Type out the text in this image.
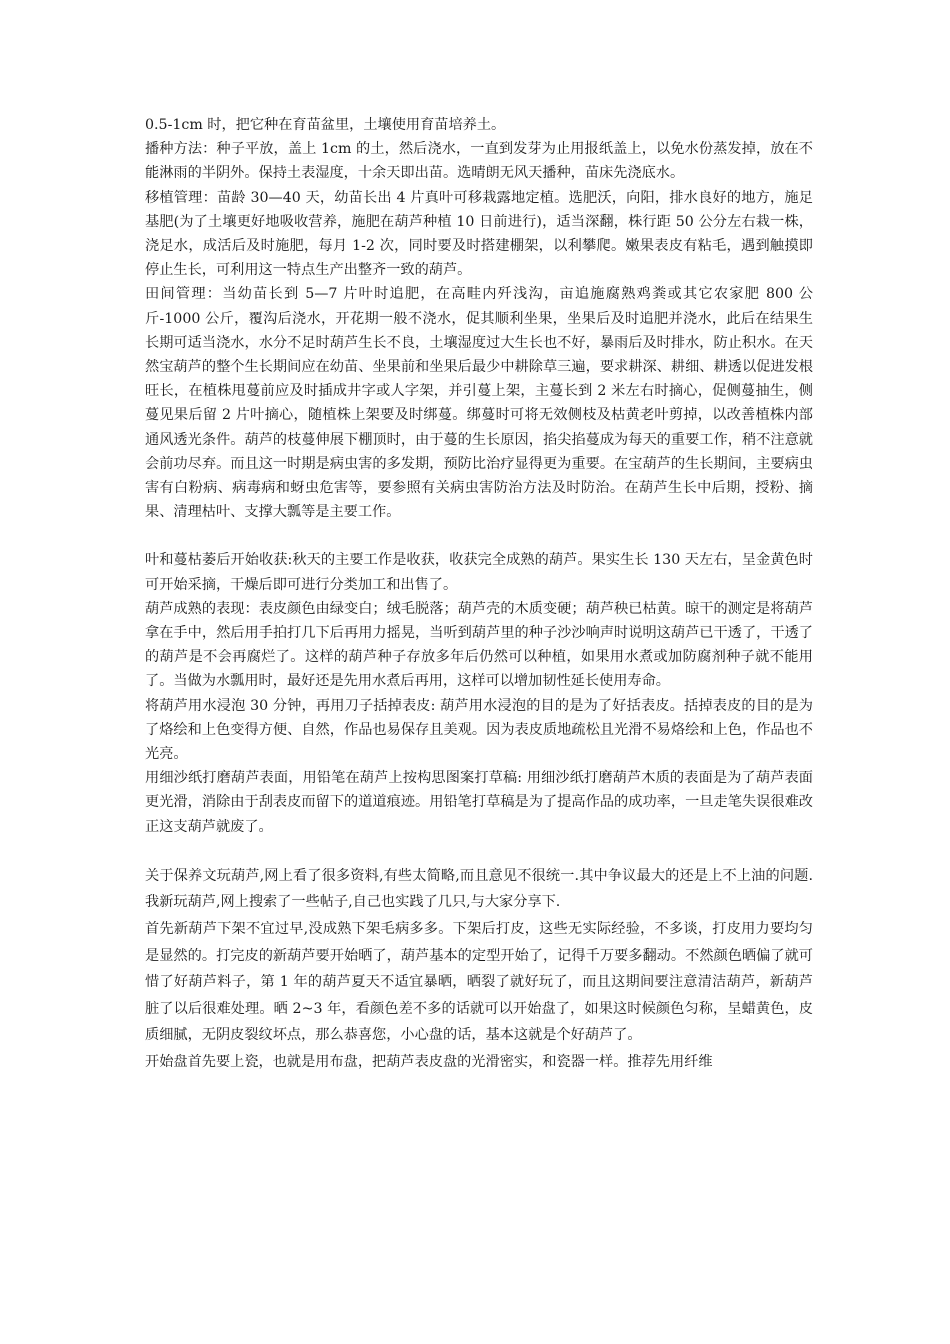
0.5-1cm 时，把它种在育苗盆里，土壤使用育苗培养土。

播种方法：种子平放，盖上 1cm 的土，然后浇水，一直到发芽为止用报纸盖上，以免水份蒸发掉，放在不能淋雨的半阴外。保持土表湿度，十余天即出苗。选晴朗无风天播种，苗床先浇底水。

移植管理：苗龄 30—40 天，幼苗长出 4 片真叶可移栽露地定植。选肥沃，向阳，排水良好的地方，施足基肥(为了土壤更好地吸收营养，施肥在葫芦种植 10 日前进行)，适当深翻，株行距 50 公分左右栽一株，浇足水，成活后及时施肥，每月 1-2 次，同时要及时搭建棚架，以利攀爬。嫩果表皮有粘毛，遇到触摸即停止生长，可利用这一特点生产出整齐一致的葫芦。

田间管理：当幼苗长到 5—7 片叶时追肥，在高畦内歼浅沟，亩追施腐熟鸡粪或其它农家肥 800 公斤-1000 公斤，覆沟后浇水，开花期一般不浇水，促其顺利坐果，坐果后及时追肥并浇水，此后在结果生长期可适当浇水，水分不足时葫芦生长不良，土壤湿度过大生长也不好，暴雨后及时排水，防止积水。在天然宝葫芦的整个生长期间应在幼苗、坐果前和坐果后最少中耕除草三遍，要求耕深、耕细、耕透以促进发根旺长，在植株甩蔓前应及时插成井字或人字架，并引蔓上架，主蔓长到 2 米左右时摘心，促侧蔓抽生，侧蔓见果后留 2 片叶摘心，随植株上架要及时绑蔓。绑蔓时可将无效侧枝及枯黄老叶剪掉，以改善植株内部通风透光条件。葫芦的枝蔓伸展下棚顶时，由于蔓的生长原因，掐尖掐蔓成为每天的重要工作，稍不注意就会前功尽弃。而且这一时期是病虫害的多发期，预防比治疗显得更为重要。在宝葫芦的生长期间，主要病虫害有白粉病、病毒病和蚜虫危害等，要参照有关病虫害防治方法及时防治。在葫芦生长中后期，授粉、摘果、清理枯叶、支撑大瓢等是主要工作。

叶和蔓枯萎后开始收获:秋天的主要工作是收获，收获完全成熟的葫芦。果实生长 130 天左右，呈金黄色时可开始采摘，干燥后即可进行分类加工和出售了。

葫芦成熟的表现：表皮颜色由绿变白；绒毛脱落；葫芦壳的木质变硬；葫芦秧已枯黄。晾干的测定是将葫芦拿在手中，然后用手拍打几下后再用力摇晃，当听到葫芦里的种子沙沙响声时说明这葫芦已干透了，干透了的葫芦是不会再腐烂了。这样的葫芦种子存放多年后仍然可以种植，如果用水煮或加防腐剂种子就不能用了。当做为水瓢用时，最好还是先用水煮后再用，这样可以增加韧性延长使用寿命。

将葫芦用水浸泡 30 分钟，再用刀子括掉表皮: 葫芦用水浸泡的目的是为了好括表皮。括掉表皮的目的是为了烙绘和上色变得方便、自然，作品也易保存且美观。因为表皮质地疏松且光滑不易烙绘和上色，作品也不光亮。

用细沙纸打磨葫芦表面，用铅笔在葫芦上按构思图案打草稿: 用细沙纸打磨葫芦木质的表面是为了葫芦表面更光滑，消除由于刮表皮而留下的道道痕迹。用铅笔打草稿是为了提高作品的成功率，一旦走笔失误很难改正这支葫芦就废了。

关于保养文玩葫芦,网上看了很多资料,有些太简略,而且意见不很统一.其中争议最大的还是上不上油的问题.我新玩葫芦,网上搜索了一些帖子,自己也实践了几只,与大家分享下.

首先新葫芦下架不宜过早,没成熟下架毛病多多。下架后打皮，这些无实际经验，不多谈，打皮用力要均匀是显然的。打完皮的新葫芦要开始晒了，葫芦基本的定型开始了，记得千万要多翻动。不然颜色晒偏了就可惜了好葫芦料子，第 1 年的葫芦夏天不适宜暴晒，晒裂了就好玩了，而且这期间要注意清洁葫芦，新葫芦脏了以后很难处理。晒 2~3 年，看颜色差不多的话就可以开始盘了，如果这时候颜色匀称，呈蜡黄色，皮质细腻，无阴皮裂纹坏点，那么恭喜您，小心盘的话，基本这就是个好葫芦了。

开始盘首先要上瓷，也就是用布盘，把葫芦表皮盘的光滑密实，和瓷器一样。推荐先用纤维
